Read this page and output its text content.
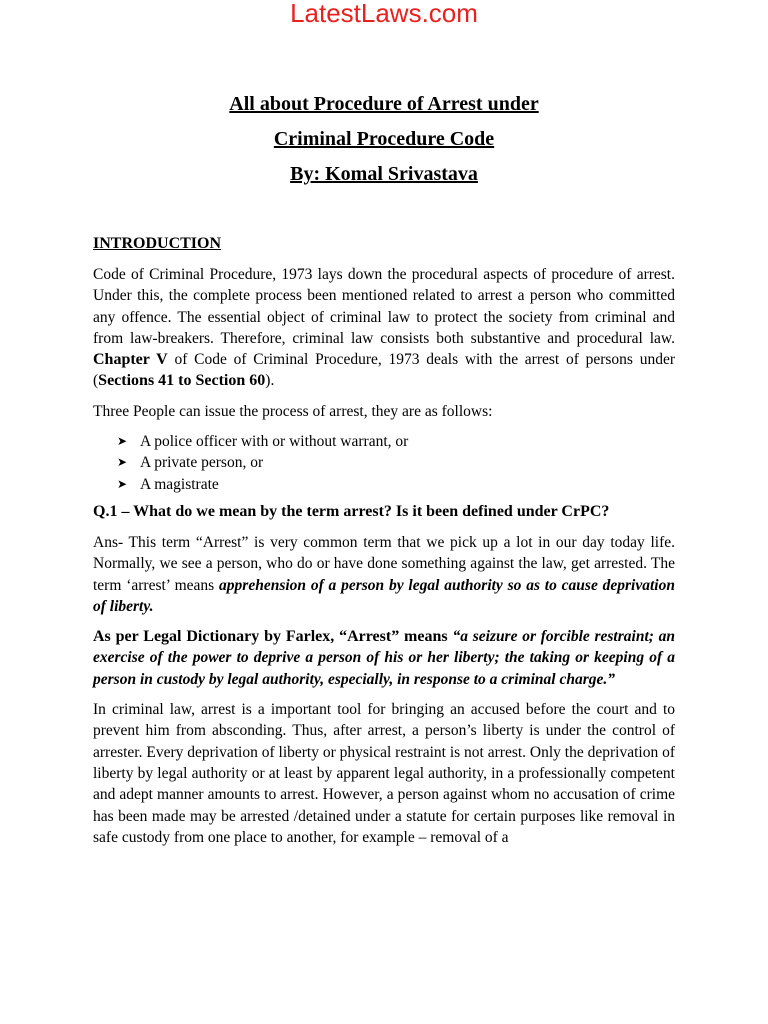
LatestLaws.com
All about Procedure of Arrest under
Criminal Procedure Code
By: Komal Srivastava
INTRODUCTION

Code of Criminal Procedure, 1973 lays down the procedural aspects of procedure of arrest. Under this, the complete process been mentioned related to arrest a person who committed any offence. The essential object of criminal law to protect the society from criminal and from law-breakers. Therefore, criminal law consists both substantive and procedural law. Chapter V of Code of Criminal Procedure, 1973 deals with the arrest of persons under (Sections 41 to Section 60).

Three People can issue the process of arrest, they are as follows:

➤ A police officer with or without warrant, or
➤ A private person, or
➤ A magistrate
Q.1 – What do we mean by the term arrest? Is it been defined under CrPC?

Ans- This term “Arrest” is very common term that we pick up a lot in our day today life. Normally, we see a person, who do or have done something against the law, get arrested. The term ‘arrest’ means apprehension of a person by legal authority so as to cause deprivation of liberty.

As per Legal Dictionary by Farlex, “Arrest” means “a seizure or forcible restraint; an exercise of the power to deprive a person of his or her liberty; the taking or keeping of a person in custody by legal authority, especially, in response to a criminal charge.”

In criminal law, arrest is a important tool for bringing an accused before the court and to prevent him from absconding. Thus, after arrest, a person’s liberty is under the control of arrester. Every deprivation of liberty or physical restraint is not arrest. Only the deprivation of liberty by legal authority or at least by apparent legal authority, in a professionally competent and adept manner amounts to arrest. However, a person against whom no accusation of crime has been made may be arrested /detained under a statute for certain purposes like removal in safe custody from one place to another, for example – removal of a
